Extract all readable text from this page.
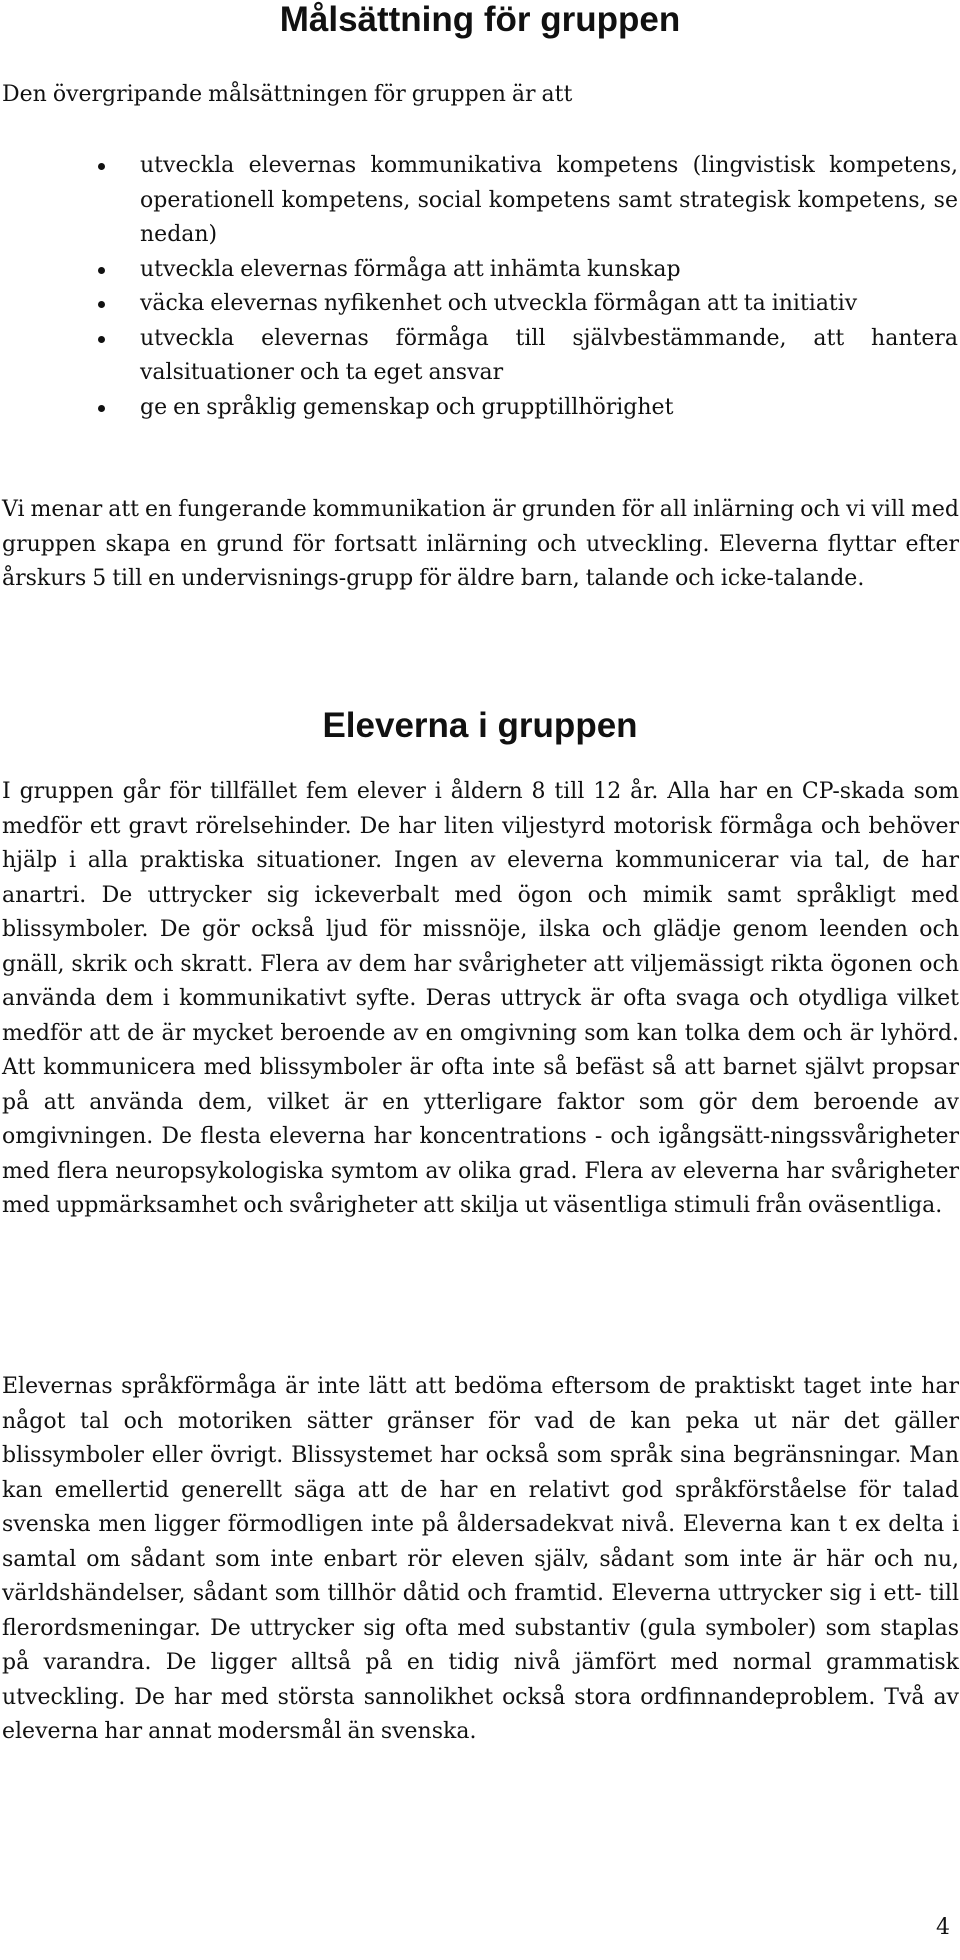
Målsättning för gruppen

Den övergripande målsättningen för gruppen är att

utveckla elevernas kommunikativa kompetens (lingvistisk kompetens, operationell kompetens, social kompetens samt strategisk kompetens, se nedan)
utveckla elevernas förmåga att inhämta kunskap
väcka elevernas nyfikenhet och utveckla förmågan att ta initiativ
utveckla elevernas förmåga till självbestämmande, att hantera valsituationer och ta eget ansvar
ge en språklig gemenskap och grupptillhörighet

Vi menar att en fungerande kommunikation är grunden för all inlärning och vi vill med gruppen skapa en grund för fortsatt inlärning och utveckling. Eleverna flyttar efter årskurs 5 till en undervisnings-grupp för äldre barn, talande och icke-talande.

Eleverna i gruppen

I gruppen går för tillfället fem elever i åldern 8 till 12 år. Alla har en CP-skada som medför ett gravt rörelsehinder. De har liten viljestyrd motorisk förmåga och behöver hjälp i alla praktiska situationer. Ingen av eleverna kommunicerar via tal, de har anartri. De uttrycker sig ickeverbalt med ögon och mimik samt språkligt med blissymboler. De gör också ljud för missnöje, ilska och glädje genom leenden och gnäll, skrik och skratt. Flera av dem har svårigheter att viljemässigt rikta ögonen och använda dem i kommunikativt syfte. Deras uttryck är ofta svaga och otydliga vilket medför att de är mycket beroende av en omgivning som kan tolka dem och är lyhörd. Att kommunicera med blissymboler är ofta inte så befäst så att barnet självt propsar på att använda dem, vilket är en ytterligare faktor som gör dem beroende av omgivningen. De flesta eleverna har koncentrations - och igångsätt-ningssvårigheter med flera neuropsykologiska symtom av olika grad. Flera av eleverna har svårigheter med uppmärksamhet och svårigheter att skilja ut väsentliga stimuli från oväsentliga.

Elevernas språkförmåga är inte lätt att bedöma eftersom de praktiskt taget inte har något tal och motoriken sätter gränser för vad de kan peka ut när det gäller blissymboler eller övrigt. Blissystemet har också som språk sina begränsningar. Man kan emellertid generellt säga att de har en relativt god språkförståelse för talad svenska men ligger förmodligen inte på åldersadekvat nivå. Eleverna kan t ex delta i samtal om sådant som inte enbart rör eleven själv, sådant som inte är här och nu, världshändelser, sådant som tillhör dåtid och framtid. Eleverna uttrycker sig i ett- till flerordsmeningar. De uttrycker sig ofta med substantiv (gula symboler) som staplas på varandra. De ligger alltså på en tidig nivå jämfört med normal grammatisk utveckling. De har med största sannolikhet också stora ordfinnandeproblem. Två av eleverna har annat modersmål än svenska.

4
